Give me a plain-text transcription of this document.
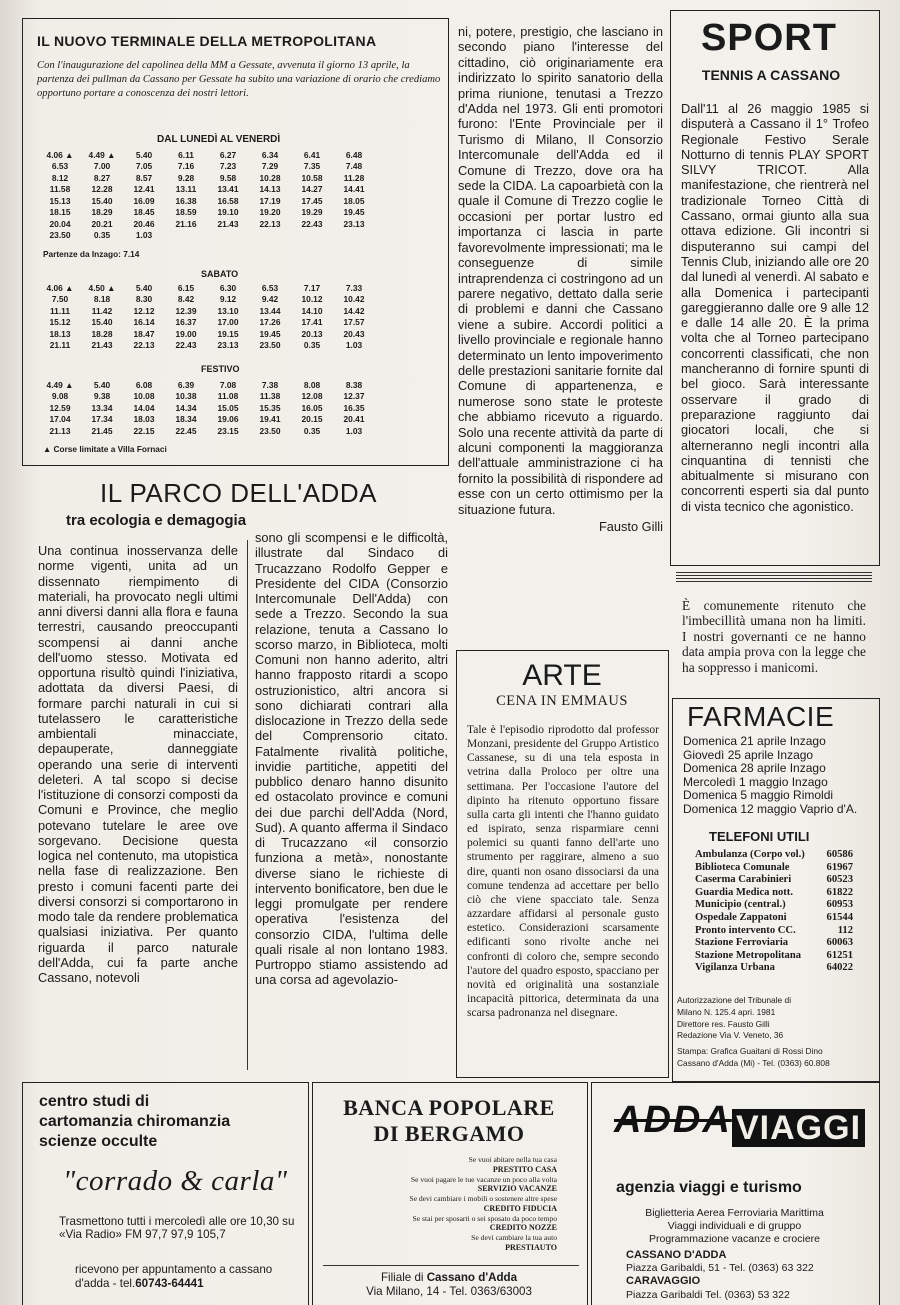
IL NUOVO TERMINALE DELLA METROPOLITANA
Con l'inaugurazione del capolinea della MM a Gessate, avvenuta il giorno 13 aprile, la partenza dei pullman da Cassano per Gessate ha subito una variazione di orario che crediamo opportuno portare a conoscenza dei nostri lettori.
DAL LUNEDÌ AL VENERDÌ
4.06 ▲	4.49 ▲	5.40	6.11	6.27	6.34	6.41	6.48
6.53	7.00	7.05	7.16	7.23	7.29	7.35	7.48
8.12	8.27	8.57	9.28	9.58	10.28	10.58	11.28
11.58	12.28	12.41	13.11	13.41	14.13	14.27	14.41
15.13	15.40	16.09	16.38	16.58	17.19	17.45	18.05
18.15	18.29	18.45	18.59	19.10	19.20	19.29	19.45
20.04	20.21	20.46	21.16	21.43	22.13	22.43	23.13
23.50	0.35	1.03					
Partenze da Inzago: 7.14
SABATO
4.06 ▲	4.50 ▲	5.40	6.15	6.30	6.53	7.17	7.33
7.50	8.18	8.30	8.42	9.12	9.42	10.12	10.42
11.11	11.42	12.12	12.39	13.10	13.44	14.10	14.42
15.12	15.40	16.14	16.37	17.00	17.26	17.41	17.57
18.13	18.28	18.47	19.00	19.15	19.45	20.13	20.43
21.11	21.43	22.13	22.43	23.13	23.50	0.35	1.03
FESTIVO
4.49 ▲	5.40	6.08	6.39	7.08	7.38	8.08	8.38
9.08	9.38	10.08	10.38	11.08	11.38	12.08	12.37
12.59	13.34	14.04	14.34	15.05	15.35	16.05	16.35
17.04	17.34	18.03	18.34	19.06	19.41	20.15	20.41
21.13	21.45	22.15	22.45	23.15	23.50	0.35	1.03
▲ Corse limitate a Villa Fornaci

ni, potere, prestigio, che lasciano in secondo piano l'interesse del cittadino, ciò originariamente era indirizzato lo spirito sanatorio della prima riunione, tenutasi a Trezzo d'Adda nel 1973. Gli enti promotori furono: l'Ente Provinciale per il Turismo di Milano, Il Consorzio Intercomunale dell'Adda ed il Comune di Trezzo, dove ora ha sede la CIDA. La capoarbietà con la quale il Comune di Trezzo coglie le occasioni per portar lustro ed importanza ci lascia in parte favorevolmente impressionati; ma le conseguenze di simile intraprendenza ci costringono ad un parere negativo, dettato dalla serie di problemi e danni che Cassano viene a subire. Accordi politici a livello provinciale e regionale hanno determinato un lento impoverimento delle prestazioni sanitarie fornite dal Comune di appartenenza, e numerose sono state le proteste che abbiamo ricevuto a riguardo. Solo una recente attività da parte di alcuni componenti la maggioranza dell'attuale amministrazione ci ha fornito la possibilità di rispondere ad esse con un certo ottimismo per la situazione futura.

Fausto Gilli

SPORT
TENNIS A CASSANO
Dall'11 al 26 maggio 1985 si disputerà a Cassano il 1° Trofeo Regionale Festivo Serale Notturno di tennis PLAY SPORT SILVY TRICOT. Alla manifestazione, che rientrerà nel tradizionale Torneo Città di Cassano, ormai giunto alla sua ottava edizione. Gli incontri si disputeranno sui campi del Tennis Club, iniziando alle ore 20 dal lunedì al venerdì. Al sabato e alla Domenica i partecipanti gareggieranno dalle ore 9 alle 12 e dalle 14 alle 20. È la prima volta che al Torneo partecipano concorrenti classificati, che non mancheranno di fornire spunti di bel gioco. Sarà interessante osservare il grado di preparazione raggiunto dai giocatori locali, che si alterneranno negli incontri alla cinquantina di tennisti che abitualmente si misurano con concorrenti esperti sia dal punto di vista tecnico che agonistico.

È comunemente ritenuto che l'imbecillità umana non ha limiti. I nostri governanti ce ne hanno data ampia prova con la legge che ha soppresso i manicomi.

FARMACIE
Domenica 21 aprile Inzago
Giovedì 25 aprile Inzago
Domenica 28 aprile Inzago
Mercoledì 1 maggio Inzago
Domenica 5 maggio Rimoldi
Domenica 12 maggio Vaprio d'A.
TELEFONI UTILI
Ambulanza (Corpo vol.) 60586
Biblioteca Comunale	61967
Caserma Carabinieri	60523
Guardia Medica nott.	61822
Municipio (central.)	60953
Ospedale Zappatoni	61544
Pronto intervento CC.	112
Stazione Ferroviaria	60063
Stazione Metropolitana 61251
Vigilanza Urbana	64022
Autorizzazione del Tribunale di
Milano N. 125.4 apri. 1981
Direttore res. Fausto Gilli
Redazione Via V. Veneto, 36
Stampa: Grafica Guaitani di Rossi Dino
Cassano d'Adda (Mi) - Tel. (0363) 60.808
IL PARCO DELL'ADDA
tra ecologia e demagogia
Una continua inosservanza delle norme vigenti, unita ad un dissennato riempimento di materiali, ha provocato negli ultimi anni diversi danni alla flora e fauna terrestri, causando preoccupanti scompensi ai danni anche dell'uomo stesso. Motivata ed opportuna risultò quindi l'iniziativa, adottata da diversi Paesi, di formare parchi naturali in cui si tutelassero le caratteristiche ambientali minacciate, depauperate, danneggiate operando una serie di interventi deleteri. A tal scopo si decise l'istituzione di consorzi composti da Comuni e Province, che meglio potevano tutelare le aree ove sorgevano. Decisione questa logica nel contenuto, ma utopistica nella fase di realizzazione. Ben presto i comuni facenti parte dei diversi consorzi si comportarono in modo tale da rendere problematica qualsiasi iniziativa. Per quanto riguarda il parco naturale dell'Adda, cui fa parte anche Cassano, notevoli
sono gli scompensi e le difficoltà, illustrate dal Sindaco di Trucazzano Rodolfo Gepper e Presidente del CIDA (Consorzio Intercomunale Dell'Adda) con sede a Trezzo. Secondo la sua relazione, tenuta a Cassano lo scorso marzo, in Biblioteca, molti Comuni non hanno aderito, altri hanno frapposto ritardi a scopo ostruzionistico, altri ancora si sono dichiarati contrari alla dislocazione in Trezzo della sede del Comprensorio citato. Fatalmente rivalità politiche, invidie partitiche, appetiti del pubblico denaro hanno disunito ed ostacolato province e comuni dei due parchi dell'Adda (Nord, Sud). A quanto afferma il Sindaco di Trucazzano «il consorzio funziona a metà», nonostante diverse siano le richieste di intervento bonificatore, ben due le leggi promulgate per rendere operativa l'esistenza del consorzio CIDA, l'ultima delle quali risale al non lontano 1983. Purtroppo stiamo assistendo ad una corsa ad agevolazio-
ARTE
CENA IN EMMAUS
Tale è l'episodio riprodotto dal professor Monzani, presidente del Gruppo Artistico Cassanese, su di una tela esposta in vetrina dalla Proloco per oltre una settimana. Per l'occasione l'autore del dipinto ha ritenuto opportuno fissare sulla carta gli intenti che l'hanno guidato ed ispirato, senza risparmiare cenni polemici su quanti fanno dell'arte uno strumento per raggirare, almeno a suo dire, quanti non osano dissociarsi da una comune tendenza ad accettare per bello ciò che viene spacciato tale. Senza azzardare affidarsi al personale gusto estetico. Considerazioni scarsamente edificanti sono rivolte anche nei confronti di coloro che, sempre secondo l'autore del quadro esposto, spacciano per novità ed originalità una sostanziale incapacità pittorica, determinata da una scarsa padronanza nel disegnare.
centro studi di
cartomanzia chiromanzia
scienze occulte
"corrado & carla"
Trasmettono tutti i mercoledì alle ore 10,30 su «Via Radio» FM 97,7 97,9 105,7
ricevono per appuntamento a cassano d'adda - tel.60743-64441
BANCA POPOLARE
DI BERGAMO
Se vuoi abitare nella tua casa
PRESTITO CASA
Se vuoi pagare le tue vacanze un poco alla volta
SERVIZIO VACANZE
Se devi cambiare i mobili o sostenere altre spese
CREDITO FIDUCIA
Se stai per sposarti o sei sposato da poco tempo
CREDITO NOZZE
Se devi cambiare la tua auto
PRESTIAUTO
Filiale di Cassano d'Adda
Via Milano, 14 - Tel. 0363/63003
ADDA VIAGGI
agenzia viaggi e turismo
Biglietteria Aerea Ferroviaria Marittima
Viaggi individuali e di gruppo
Programmazione vacanze e crociere
CASSANO D'ADDA
Piazza Garibaldi, 51 - Tel. (0363) 63 322
CARAVAGGIO
Piazza Garibaldi Tel. (0363) 53 322
